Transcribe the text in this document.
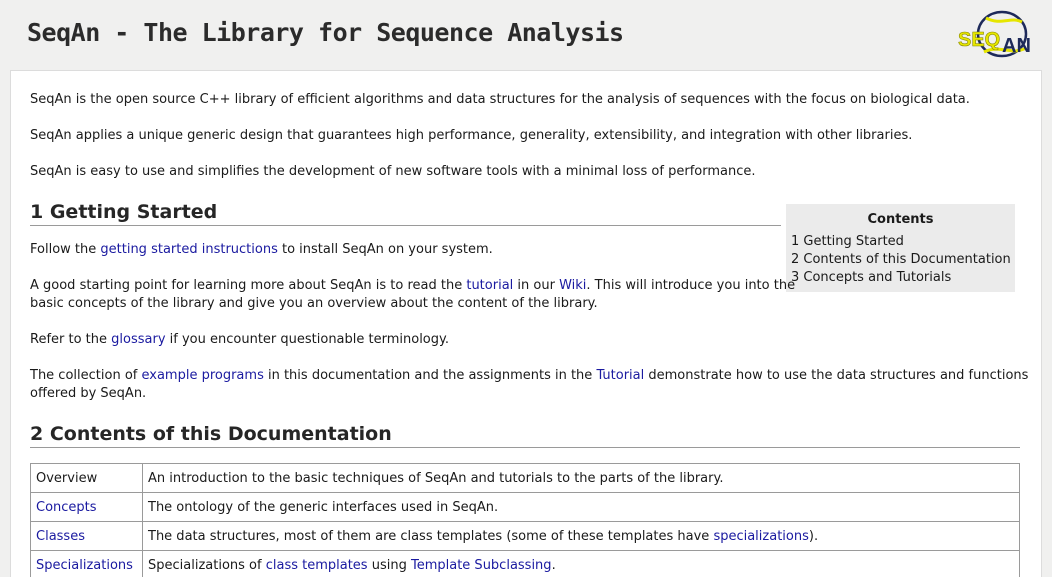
SeqAn - The Library for Sequence Analysis	SEQ AN
SeqAn is the open source C++ library of efficient algorithms and data structures for the analysis of sequences with the focus on biological data.
SeqAn applies a unique generic design that guarantees high performance, generality, extensibility, and integration with other libraries.
SeqAn is easy to use and simplifies the development of new software tools with a minimal loss of performance.
1 Getting Started	Contents
1 Getting Started
2 Contents of this Documentation
3 Concepts and Tutorials
Follow the getting started instructions to install SeqAn on your system.
A good starting point for learning more about SeqAn is to read the tutorial in our Wiki. This will introduce you into the
basic concepts of the library and give you an overview about the content of the library.
Refer to the glossary if you encounter questionable terminology.
The collection of example programs in this documentation and the assignments in the Tutorial demonstrate how to use the data structures and functions
offered by SeqAn.
2 Contents of this Documentation
Overview	An introduction to the basic techniques of SeqAn and tutorials to the parts of the library.
Concepts	The ontology of the generic interfaces used in SeqAn.
Classes	The data structures, most of them are class templates (some of these templates have specializations).
Specializations	Specializations of class templates using Template Subclassing.
